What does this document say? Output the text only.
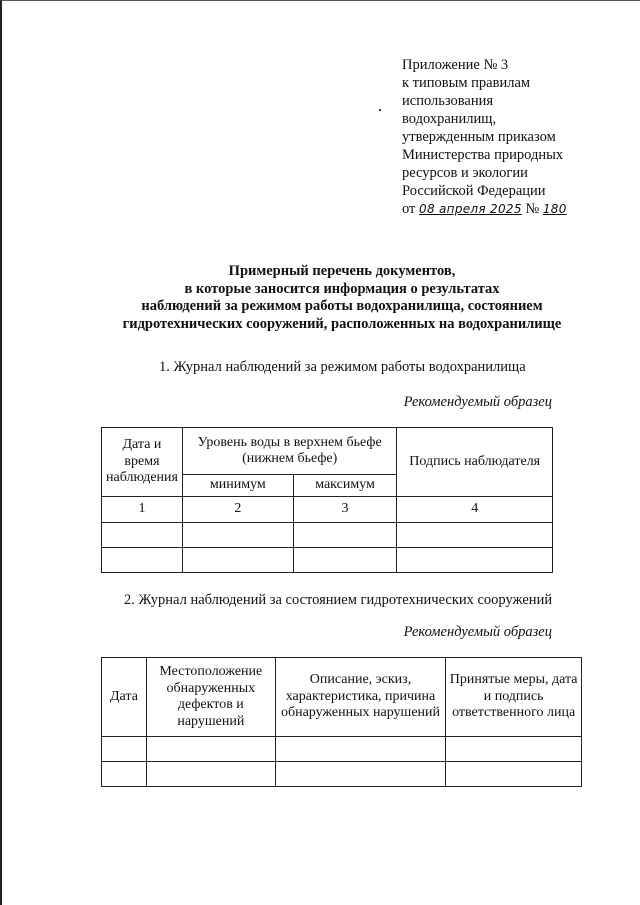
Приложение № 3
к типовым правилам
использования
водохранилищ,
утвержденным приказом
Министерства природных
ресурсов и экологии
Российской Федерации
от 08 апреля 2025 № 180
Примерный перечень документов,
в которые заносится информация о результатах
наблюдений за режимом работы водохранилища, состоянием
гидротехнических сооружений, расположенных на водохранилище
1. Журнал наблюдений за режимом работы водохранилища
Рекомендуемый образец
Дата и время наблюдения	Уровень воды в верхнем бьефе (нижнем бьефе)		Подпись наблюдателя
	минимум	максимум	
1	2	3	4

2. Журнал наблюдений за состоянием гидротехнических сооружений
Рекомендуемый образец
Дата	Местоположение обнаруженных дефектов и нарушений	Описание, эскиз, характеристика, причина обнаруженных нарушений	Принятые меры, дата и подпись ответственного лица
